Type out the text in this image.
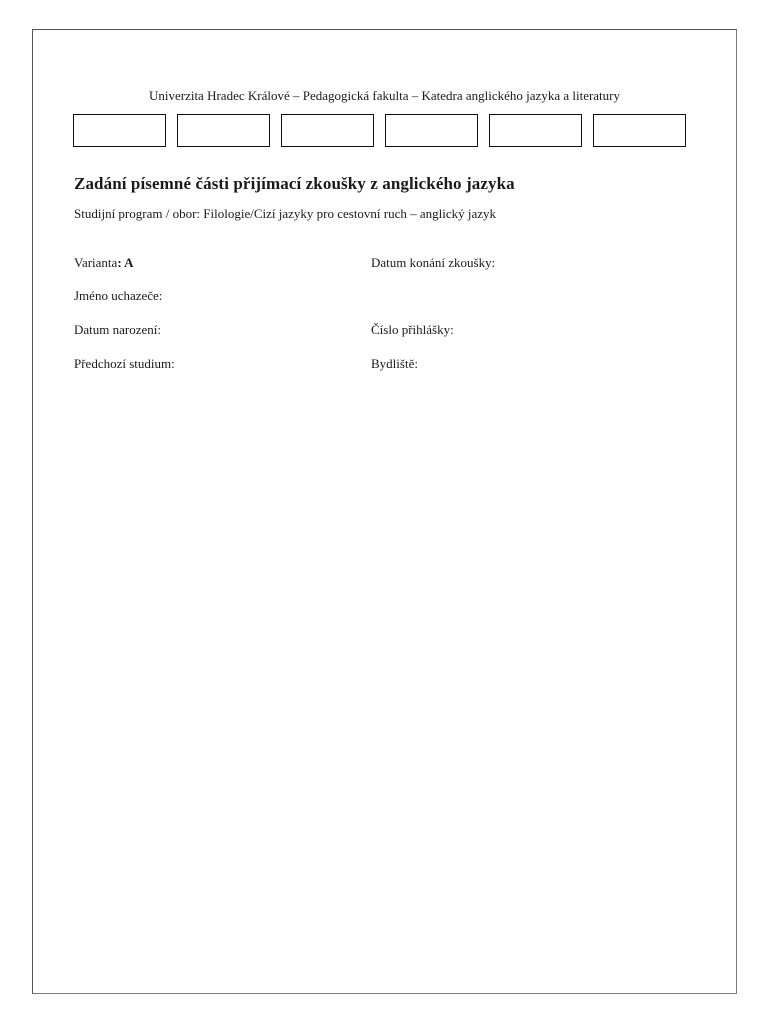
Univerzita Hradec Králové – Pedagogická fakulta – Katedra anglického jazyka a literatury
Zadání písemné části přijímací zkoušky z anglického jazyka
Studijní program / obor: Filologie/Cizí jazyky pro cestovní ruch – anglický jazyk
Varianta: A	Datum konání zkoušky:
Jméno uchazeče:
Datum narození:	Číslo přihlášky:
Předchozí studium:	Bydliště:
